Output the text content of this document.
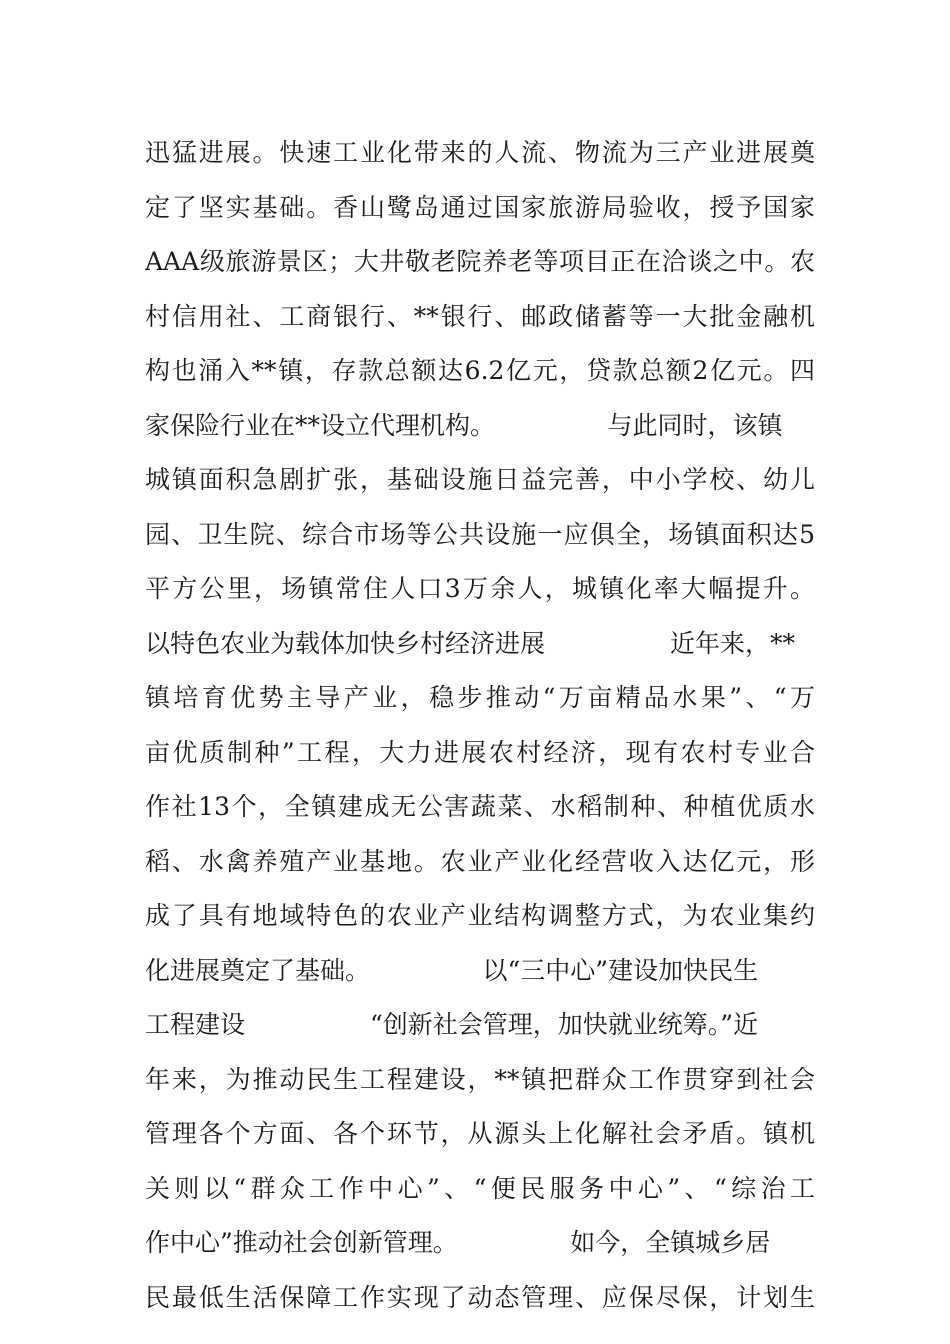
迅猛进展。快速工业化带来的人流、物流为三产业进展奠
定了坚实基础。香山鹭岛通过国家旅游局验收，授予国家
AAA级旅游景区；大井敬老院养老等项目正在洽谈之中。农
村信用社、工商银行、**银行、邮政储蓄等一大批金融机
构也涌入**镇，存款总额达6.2亿元，贷款总额2亿元。四
家保险行业在**设立代理机构。　　　　　与此同时，该镇
城镇面积急剧扩张，基础设施日益完善，中小学校、幼儿
园、卫生院、综合市场等公共设施一应俱全，场镇面积达5
平方公里，场镇常住人口3万余人，城镇化率大幅提升。
以特色农业为载体加快乡村经济进展　　　　　近年来，**
镇培育优势主导产业，稳步推动“万亩精品水果”、“万
亩优质制种”工程，大力进展农村经济，现有农村专业合
作社13个，全镇建成无公害蔬菜、水稻制种、种植优质水
稻、水禽养殖产业基地。农业产业化经营收入达亿元，形
成了具有地域特色的农业产业结构调整方式，为农业集约
化进展奠定了基础。　　　　　以“三中心”建设加快民生
工程建设　　　　　“创新社会管理，加快就业统筹。”近
年来，为推动民生工程建设，**镇把群众工作贯穿到社会
管理各个方面、各个环节，从源头上化解社会矛盾。镇机
关则以“群众工作中心”、“便民服务中心”、“综治工
作中心”推动社会创新管理。　　　　　如今，全镇城乡居
民最低生活保障工作实现了动态管理、应保尽保，计划生
